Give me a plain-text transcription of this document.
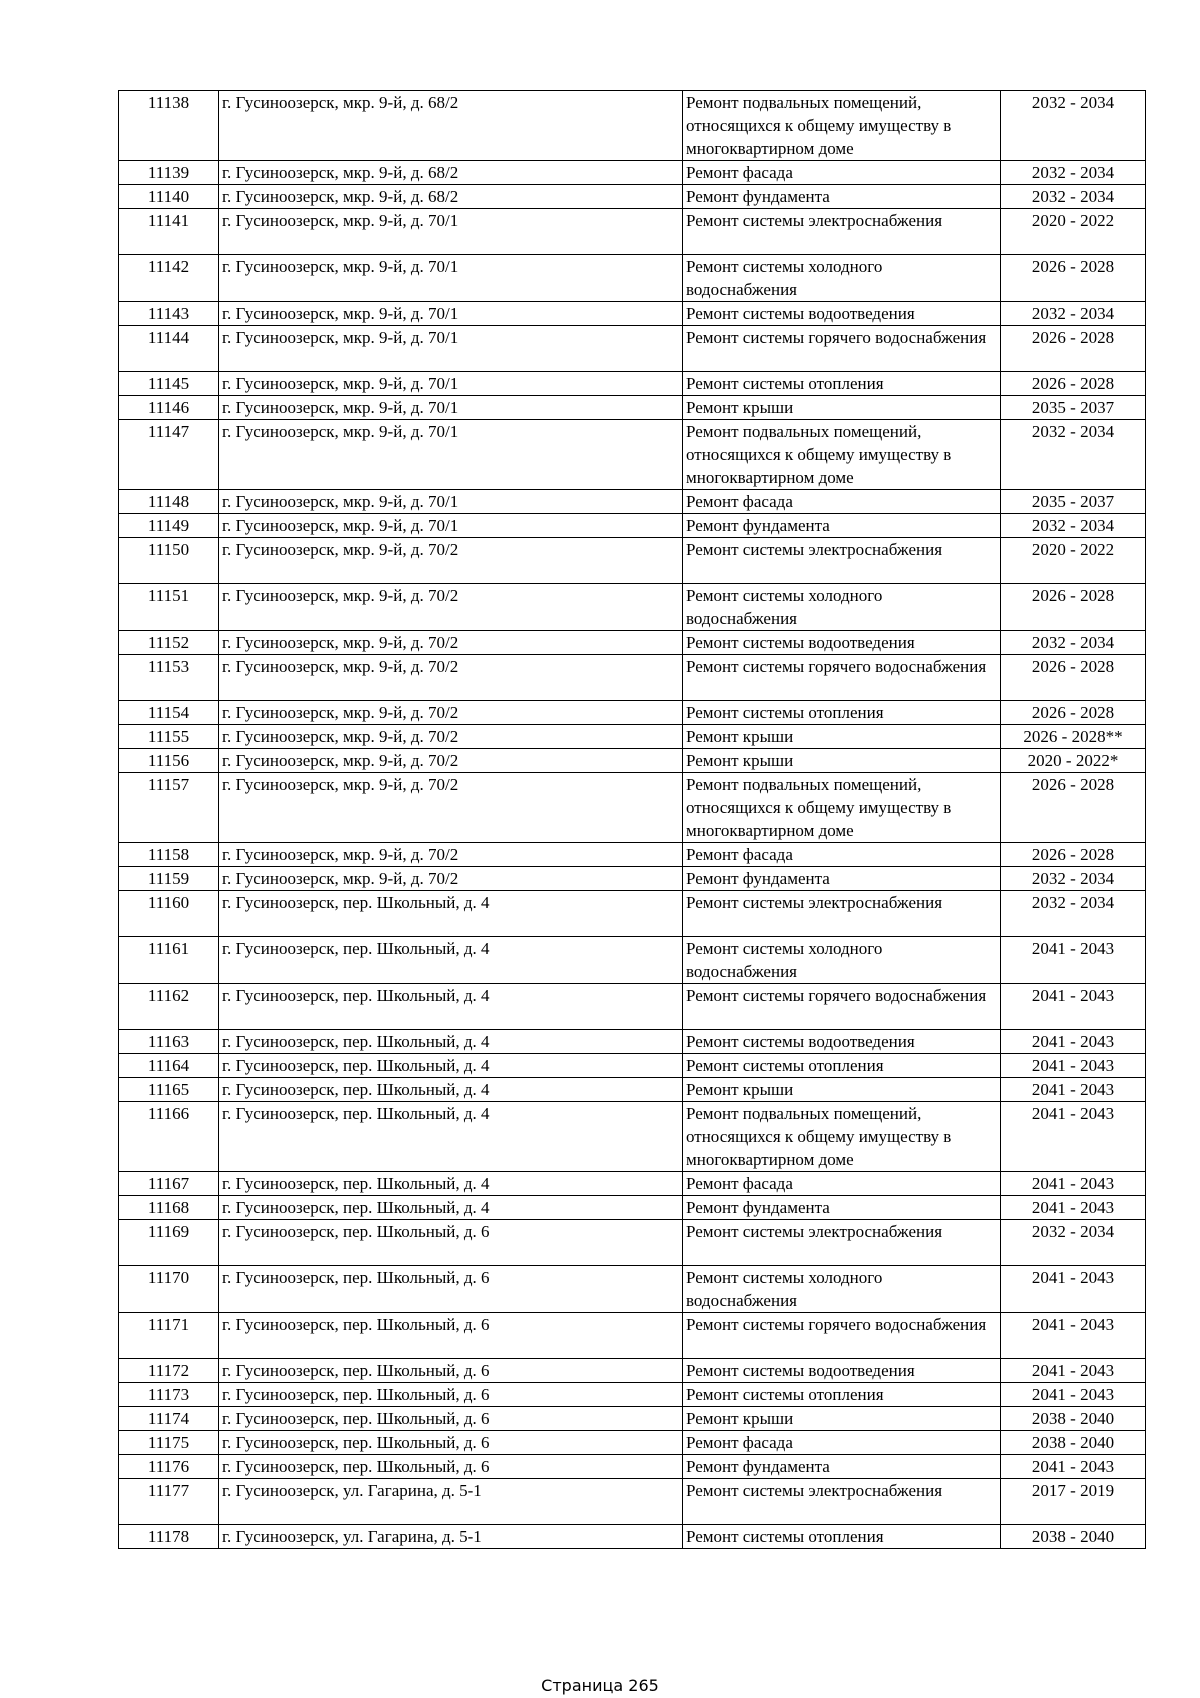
11138	г. Гусиноозерск, мкр. 9-й, д. 68/2	Ремонт подвальных помещений, относящихся к общему имуществу в многоквартирном доме	2032 - 2034
11139	г. Гусиноозерск, мкр. 9-й, д. 68/2	Ремонт фасада	2032 - 2034
11140	г. Гусиноозерск, мкр. 9-й, д. 68/2	Ремонт фундамента	2032 - 2034
11141	г. Гусиноозерск, мкр. 9-й, д. 70/1	Ремонт системы электроснабжения	2020 - 2022
11142	г. Гусиноозерск, мкр. 9-й, д. 70/1	Ремонт системы холодного водоснабжения	2026 - 2028
11143	г. Гусиноозерск, мкр. 9-й, д. 70/1	Ремонт системы водоотведения	2032 - 2034
11144	г. Гусиноозерск, мкр. 9-й, д. 70/1	Ремонт системы горячего водоснабжения	2026 - 2028
11145	г. Гусиноозерск, мкр. 9-й, д. 70/1	Ремонт системы отопления	2026 - 2028
11146	г. Гусиноозерск, мкр. 9-й, д. 70/1	Ремонт крыши	2035 - 2037
11147	г. Гусиноозерск, мкр. 9-й, д. 70/1	Ремонт подвальных помещений, относящихся к общему имуществу в многоквартирном доме	2032 - 2034
11148	г. Гусиноозерск, мкр. 9-й, д. 70/1	Ремонт фасада	2035 - 2037
11149	г. Гусиноозерск, мкр. 9-й, д. 70/1	Ремонт фундамента	2032 - 2034
11150	г. Гусиноозерск, мкр. 9-й, д. 70/2	Ремонт системы электроснабжения	2020 - 2022
11151	г. Гусиноозерск, мкр. 9-й, д. 70/2	Ремонт системы холодного водоснабжения	2026 - 2028
11152	г. Гусиноозерск, мкр. 9-й, д. 70/2	Ремонт системы водоотведения	2032 - 2034
11153	г. Гусиноозерск, мкр. 9-й, д. 70/2	Ремонт системы горячего водоснабжения	2026 - 2028
11154	г. Гусиноозерск, мкр. 9-й, д. 70/2	Ремонт системы отопления	2026 - 2028
11155	г. Гусиноозерск, мкр. 9-й, д. 70/2	Ремонт крыши	2026 - 2028**
11156	г. Гусиноозерск, мкр. 9-й, д. 70/2	Ремонт крыши	2020 - 2022*
11157	г. Гусиноозерск, мкр. 9-й, д. 70/2	Ремонт подвальных помещений, относящихся к общему имуществу в многоквартирном доме	2026 - 2028
11158	г. Гусиноозерск, мкр. 9-й, д. 70/2	Ремонт фасада	2026 - 2028
11159	г. Гусиноозерск, мкр. 9-й, д. 70/2	Ремонт фундамента	2032 - 2034
11160	г. Гусиноозерск, пер. Школьный, д. 4	Ремонт системы электроснабжения	2032 - 2034
11161	г. Гусиноозерск, пер. Школьный, д. 4	Ремонт системы холодного водоснабжения	2041 - 2043
11162	г. Гусиноозерск, пер. Школьный, д. 4	Ремонт системы горячего водоснабжения	2041 - 2043
11163	г. Гусиноозерск, пер. Школьный, д. 4	Ремонт системы водоотведения	2041 - 2043
11164	г. Гусиноозерск, пер. Школьный, д. 4	Ремонт системы отопления	2041 - 2043
11165	г. Гусиноозерск, пер. Школьный, д. 4	Ремонт крыши	2041 - 2043
11166	г. Гусиноозерск, пер. Школьный, д. 4	Ремонт подвальных помещений, относящихся к общему имуществу в многоквартирном доме	2041 - 2043
11167	г. Гусиноозерск, пер. Школьный, д. 4	Ремонт фасада	2041 - 2043
11168	г. Гусиноозерск, пер. Школьный, д. 4	Ремонт фундамента	2041 - 2043
11169	г. Гусиноозерск, пер. Школьный, д. 6	Ремонт системы электроснабжения	2032 - 2034
11170	г. Гусиноозерск, пер. Школьный, д. 6	Ремонт системы холодного водоснабжения	2041 - 2043
11171	г. Гусиноозерск, пер. Школьный, д. 6	Ремонт системы горячего водоснабжения	2041 - 2043
11172	г. Гусиноозерск, пер. Школьный, д. 6	Ремонт системы водоотведения	2041 - 2043
11173	г. Гусиноозерск, пер. Школьный, д. 6	Ремонт системы отопления	2041 - 2043
11174	г. Гусиноозерск, пер. Школьный, д. 6	Ремонт крыши	2038 - 2040
11175	г. Гусиноозерск, пер. Школьный, д. 6	Ремонт фасада	2038 - 2040
11176	г. Гусиноозерск, пер. Школьный, д. 6	Ремонт фундамента	2041 - 2043
11177	г. Гусиноозерск, ул. Гагарина, д. 5-1	Ремонт системы электроснабжения	2017 - 2019
11178	г. Гусиноозерск, ул. Гагарина, д. 5-1	Ремонт системы отопления	2038 - 2040
Страница 265
